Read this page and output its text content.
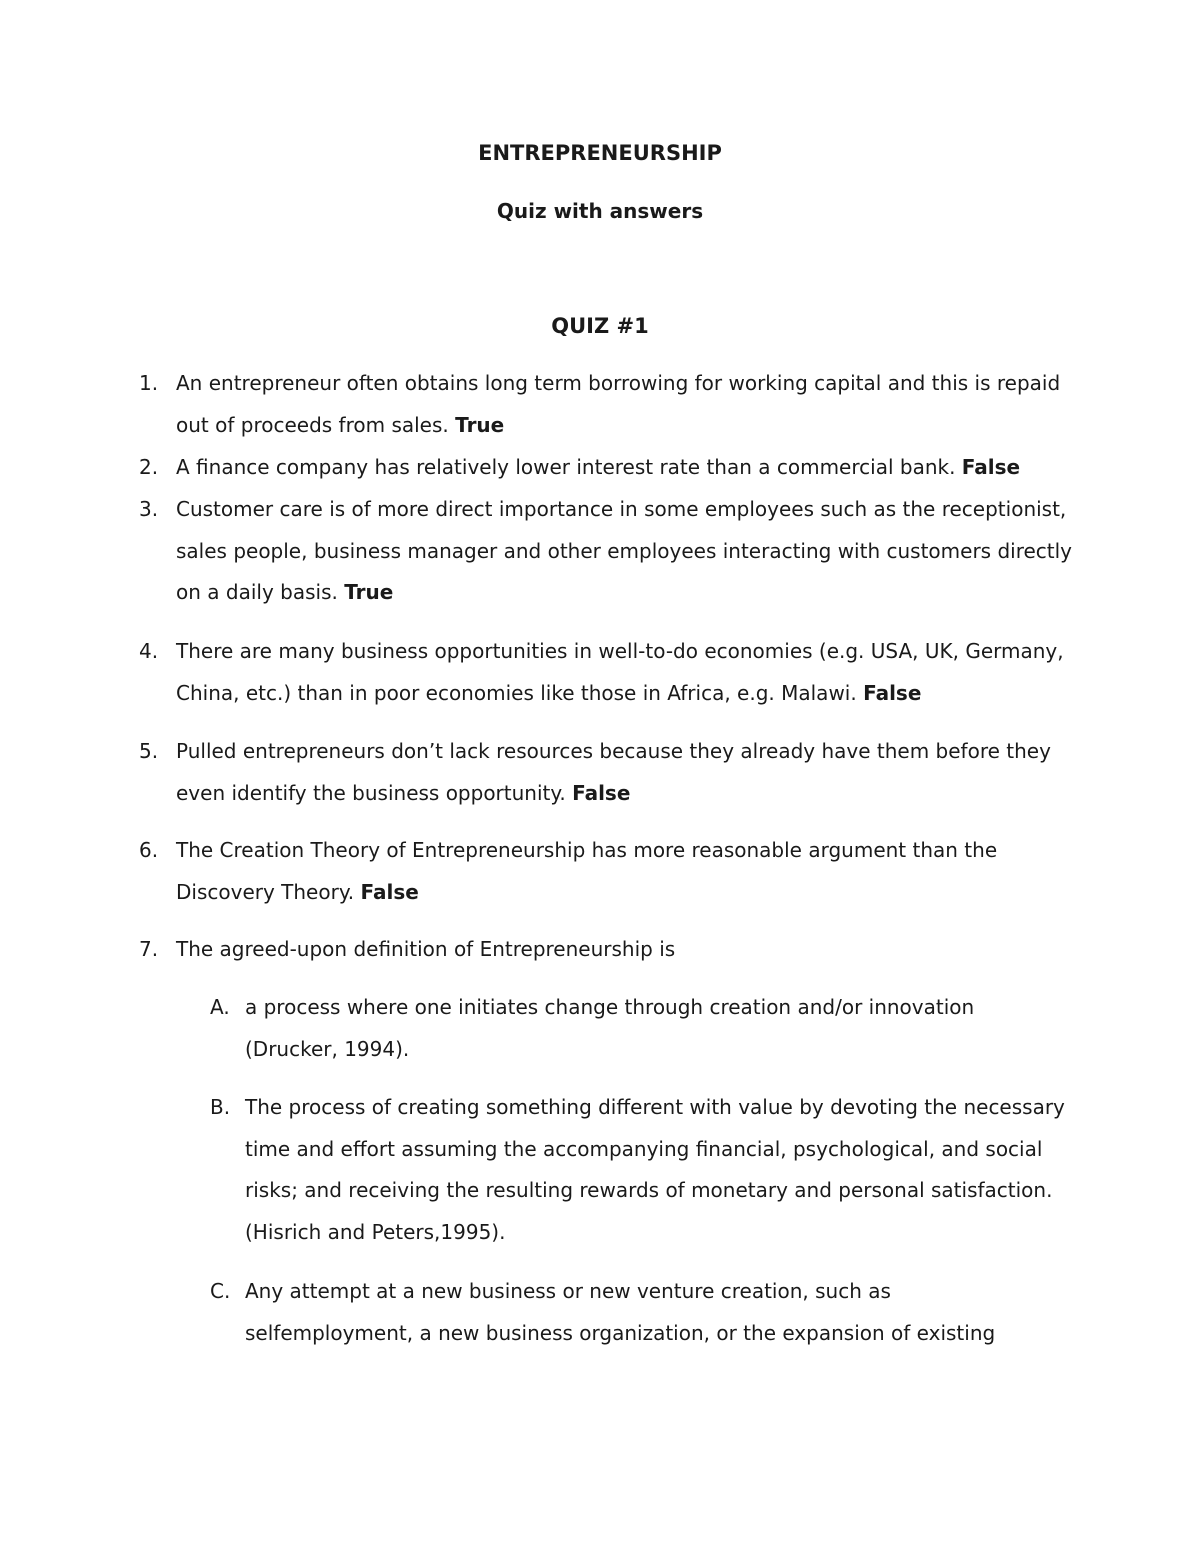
ENTREPRENEURSHIP
Quiz with answers
QUIZ #1
1. An entrepreneur often obtains long term borrowing for working capital and this is repaid out of proceeds from sales. True
2. A finance company has relatively lower interest rate than a commercial bank. False
3. Customer care is of more direct importance in some employees such as the receptionist, sales people, business manager and other employees interacting with customers directly on a daily basis. True
4. There are many business opportunities in well-to-do economies (e.g. USA, UK, Germany, China, etc.) than in poor economies like those in Africa, e.g. Malawi. False
5. Pulled entrepreneurs don’t lack resources because they already have them before they even identify the business opportunity. False
6. The Creation Theory of Entrepreneurship has more reasonable argument than the Discovery Theory. False
7. The agreed-upon definition of Entrepreneurship is
A. a process where one initiates change through creation and/or innovation (Drucker, 1994).
B. The process of creating something different with value by devoting the necessary time and effort assuming the accompanying financial, psychological, and social risks; and receiving the resulting rewards of monetary and personal satisfaction. (Hisrich and Peters,1995).
C. Any attempt at a new business or new venture creation, such as selfemployment, a new business organization, or the expansion of existing
